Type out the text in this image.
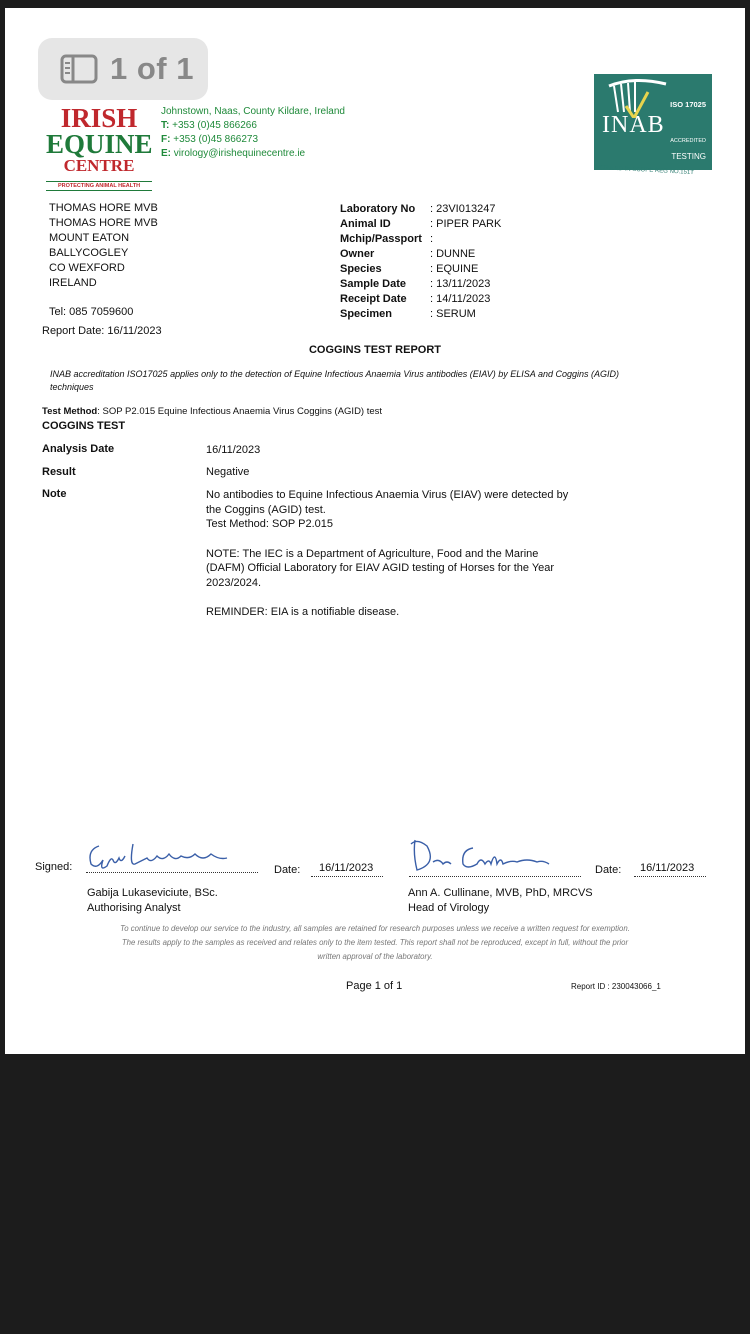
1 of 1
IRISH
EQUINE
CENTRE
PROTECTING ANIMAL HEALTH
Johnstown, Naas, County Kildare, Ireland
T: +353 (0)45 866266
F: +353 (0)45 866273
E: virology@irishequinecentre.ie
ISO 17025
INAB
ACCREDITED
TESTING
DETAILED IN SCOPE REG NO.151T
THOMAS HORE MVB
THOMAS HORE MVB
MOUNT EATON
BALLYCOGLEY
CO WEXFORD
IRELAND
Tel: 085 7059600
Report Date: 16/11/2023
Laboratory No	: 23VI013247
Animal ID	: PIPER PARK
Mchip/Passport :
Owner	: DUNNE
Species	: EQUINE
Sample Date	: 13/11/2023
Receipt Date	: 14/11/2023
Specimen	: SERUM
COGGINS TEST REPORT
INAB accreditation ISO17025 applies only to the detection of Equine Infectious Anaemia Virus antibodies (EIAV) by ELISA and Coggins (AGID) techniques
Test Method: SOP P2.015 Equine Infectious Anaemia Virus Coggins (AGID) test
COGGINS TEST
Analysis Date	16/11/2023
Result	Negative
Note	No antibodies to Equine Infectious Anaemia Virus (EIAV) were detected by
the Coggins (AGID) test.
Test Method: SOP P2.015
NOTE: The IEC is a Department of Agriculture, Food and the Marine
(DAFM) Official Laboratory for EIAV AGID testing of Horses for the Year
2023/2024.
REMINDER: EIA is a notifiable disease.
Signed:	Date: 16/11/2023
Gabija Lukaseviciute, BSc.
Authorising Analyst
Date: 16/11/2023
Ann A. Cullinane, MVB, PhD, MRCVS
Head of Virology
To continue to develop our service to the industry, all samples are retained for research purposes unless we receive a written request for exemption.
The results apply to the samples as received and relates only to the item tested. This report shall not be reproduced, except in full, without the prior
written approval of the laboratory.
Page 1 of 1	Report ID : 230043066_1
